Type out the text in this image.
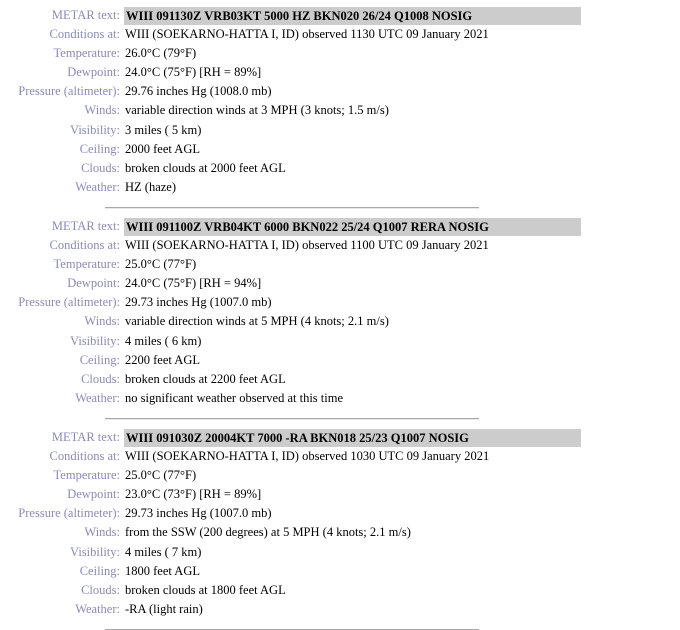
METAR text: WIII 091130Z VRB03KT 5000 HZ BKN020 26/24 Q1008 NOSIG
Conditions at: WIII (SOEKARNO-HATTA I, ID) observed 1130 UTC 09 January 2021
Temperature: 26.0°C (79°F)
Dewpoint: 24.0°C (75°F) [RH = 89%]
Pressure (altimeter): 29.76 inches Hg (1008.0 mb)
Winds: variable direction winds at 3 MPH (3 knots; 1.5 m/s)
Visibility: 3 miles ( 5 km)
Ceiling: 2000 feet AGL
Clouds: broken clouds at 2000 feet AGL
Weather: HZ (haze)
METAR text: WIII 091100Z VRB04KT 6000 BKN022 25/24 Q1007 RERA NOSIG
Conditions at: WIII (SOEKARNO-HATTA I, ID) observed 1100 UTC 09 January 2021
Temperature: 25.0°C (77°F)
Dewpoint: 24.0°C (75°F) [RH = 94%]
Pressure (altimeter): 29.73 inches Hg (1007.0 mb)
Winds: variable direction winds at 5 MPH (4 knots; 2.1 m/s)
Visibility: 4 miles ( 6 km)
Ceiling: 2200 feet AGL
Clouds: broken clouds at 2200 feet AGL
Weather: no significant weather observed at this time
METAR text: WIII 091030Z 20004KT 7000 -RA BKN018 25/23 Q1007 NOSIG
Conditions at: WIII (SOEKARNO-HATTA I, ID) observed 1030 UTC 09 January 2021
Temperature: 25.0°C (77°F)
Dewpoint: 23.0°C (73°F) [RH = 89%]
Pressure (altimeter): 29.73 inches Hg (1007.0 mb)
Winds: from the SSW (200 degrees) at 5 MPH (4 knots; 2.1 m/s)
Visibility: 4 miles ( 7 km)
Ceiling: 1800 feet AGL
Clouds: broken clouds at 1800 feet AGL
Weather: -RA (light rain)
